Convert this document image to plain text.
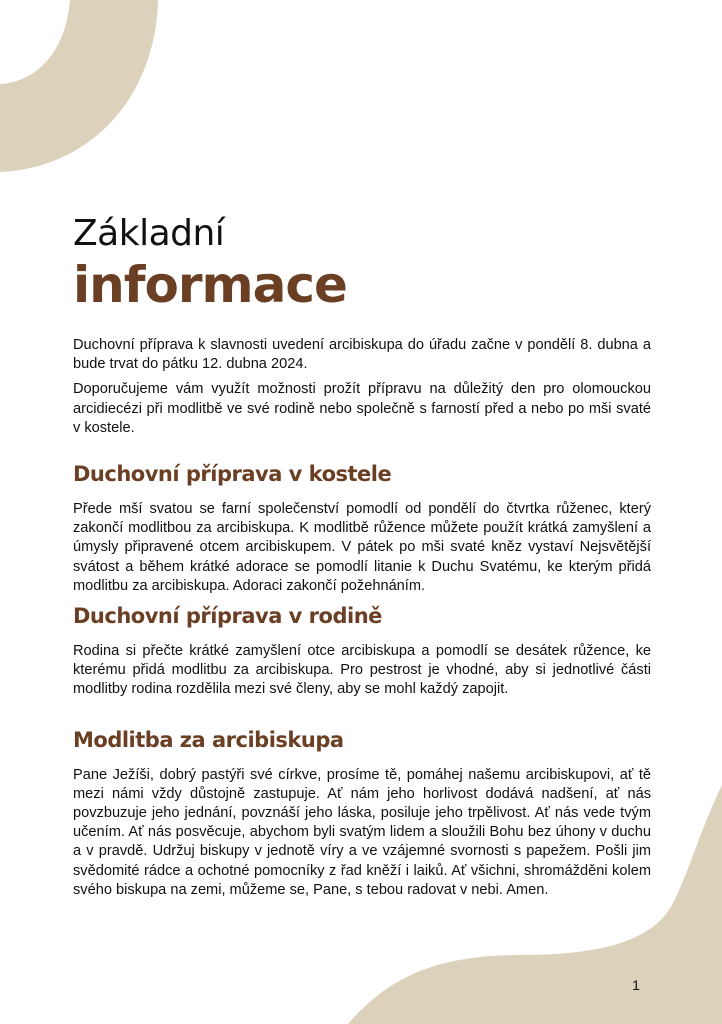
Základní
informace

Duchovní příprava k slavnosti uvedení arcibiskupa do úřadu začne v pondělí 8. dubna a bude trvat do pátku 12. dubna 2024.

Doporučujeme vám využít možnosti prožít přípravu na důležitý den pro olomouckou arcidiecézi při modlitbě ve své rodině nebo společně s farností před a nebo po mši svaté v kostele.

Duchovní příprava v kostele

Přede mší svatou se farní společenství pomodlí od pondělí do čtvrtka růženec, který zakončí modlitbou za arcibiskupa. K modlitbě růžence můžete použít krátká zamyšlení a úmysly připravené otcem arcibiskupem. V pátek po mši svaté kněz vystaví Nejsvětější svátost a během krátké adorace se pomodlí litanie k Duchu Svatému, ke kterým přidá modlitbu za arcibiskupa. Adoraci zakončí požehnáním.

Duchovní příprava v rodině

Rodina si přečte krátké zamyšlení otce arcibiskupa a pomodlí se desátek růžence, ke kterému přidá modlitbu za arcibiskupa. Pro pestrost je vhodné, aby si jednotlivé části modlitby rodina rozdělila mezi své členy, aby se mohl každý zapojit.

Modlitba za arcibiskupa

Pane Ježíši, dobrý pastýři své církve, prosíme tě, pomáhej našemu arcibiskupovi, ať tě mezi námi vždy důstojně zastupuje. Ať nám jeho horlivost dodává nadšení, ať nás povzbuzuje jeho jednání, povznáší jeho láska, posiluje jeho trpělivost. Ať nás vede tvým učením. Ať nás posvěcuje, abychom byli svatým lidem a sloužili Bohu bez úhony v duchu a v pravdě. Udržuj biskupy v jednotě víry a ve vzájemné svornosti s papežem. Pošli jim svědomité rádce a ochotné pomocníky z řad kněží i laiků. Ať všichni, shromážděni kolem svého biskupa na zemi, můžeme se, Pane, s tebou radovat v nebi. Amen.

1
